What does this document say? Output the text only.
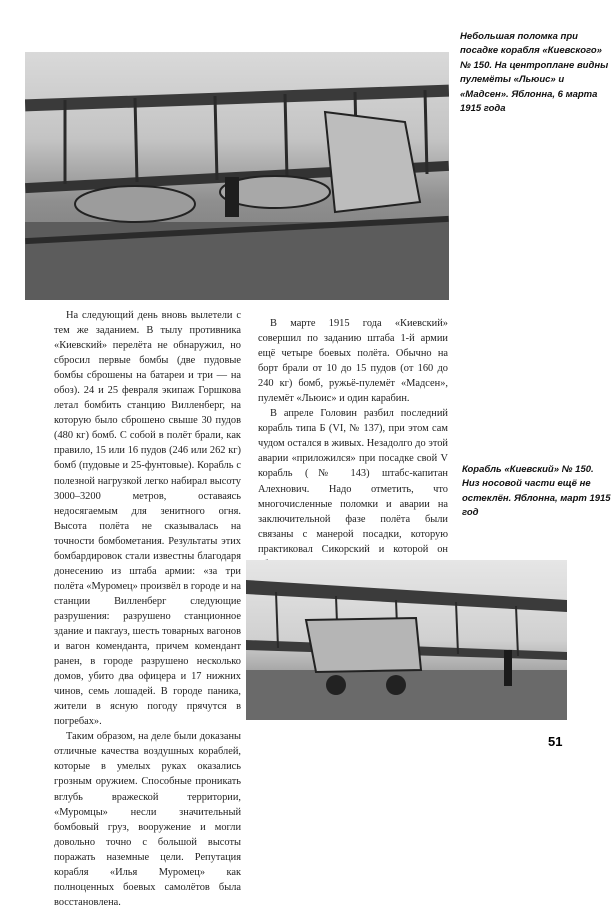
Небольшая поломка при посадке корабля «Киевского» № 150. На центроплане видны пулемёты «Льюис» и «Мадсен». Яблонна, 6 марта 1915 года

На следующий день вновь вылетели с тем же заданием. В тылу противника «Киевский» перелёта не обнаружил, но сбросил первые бомбы (две пудовые бомбы сброшены на батареи и три — на обоз). 24 и 25 февраля экипаж Горшкова летал бомбить станцию Вилленберг, на которую было сброшено свыше 30 пудов (480 кг) бомб. С собой в полёт брали, как правило, 15 или 16 пудов (246 или 262 кг) бомб (пудовые и 25-фунтовые). Корабль с полезной нагрузкой легко набирал высоту 3000–3200 метров, оставаясь недосягаемым для зенитного огня. Высота полёта не сказывалась на точности бомбометания. Результаты этих бомбардировок стали известны благодаря донесению из штаба армии: «за три полёта «Муромец» произвёл в городе и на станции Вилленберг следующие разрушения: разрушено станционное здание и пакгауз, шесть товарных вагонов и вагон коменданта, причем комендант ранен, в городе разрушено несколько домов, убито два офицера и 17 нижних чинов, семь лошадей. В городе паника, жители в ясную погоду прячутся в погребах».

Таким образом, на деле были доказаны отличные качества воздушных кораблей, которые в умелых руках оказались грозным оружием. Способные проникать вглубь вражеской территории, «Муромцы» несли значительный бомбовый груз, вооружение и могли довольно точно с большой высоты поражать наземные цели. Репутация корабля «Илья Муромец» как полноценных боевых самолётов была восстановлена.

В марте 1915 года «Киевский» совершил по заданию штаба 1-й армии ещё четыре боевых полёта. Обычно на борт брали от 10 до 15 пудов (от 160 до 240 кг) бомб, ружьё-пулемёт «Мадсен», пулемёт «Льюис» и один карабин.

В апреле Головин разбил последний корабль типа Б (VI, № 137), при этом сам чудом остался в живых. Незадолго до этой аварии «приложился» при посадке свой V корабль (№ 143) штабс-капитан Алехнович. Надо отметить, что многочисленные поломки и аварии на заключительной фазе полёта были связаны с манерой посадки, которую практиковал Сикорский и которой он

Корабль «Киевский» № 150. Низ носовой части ещё не остеклён. Яблонна, март 1915 год
51
